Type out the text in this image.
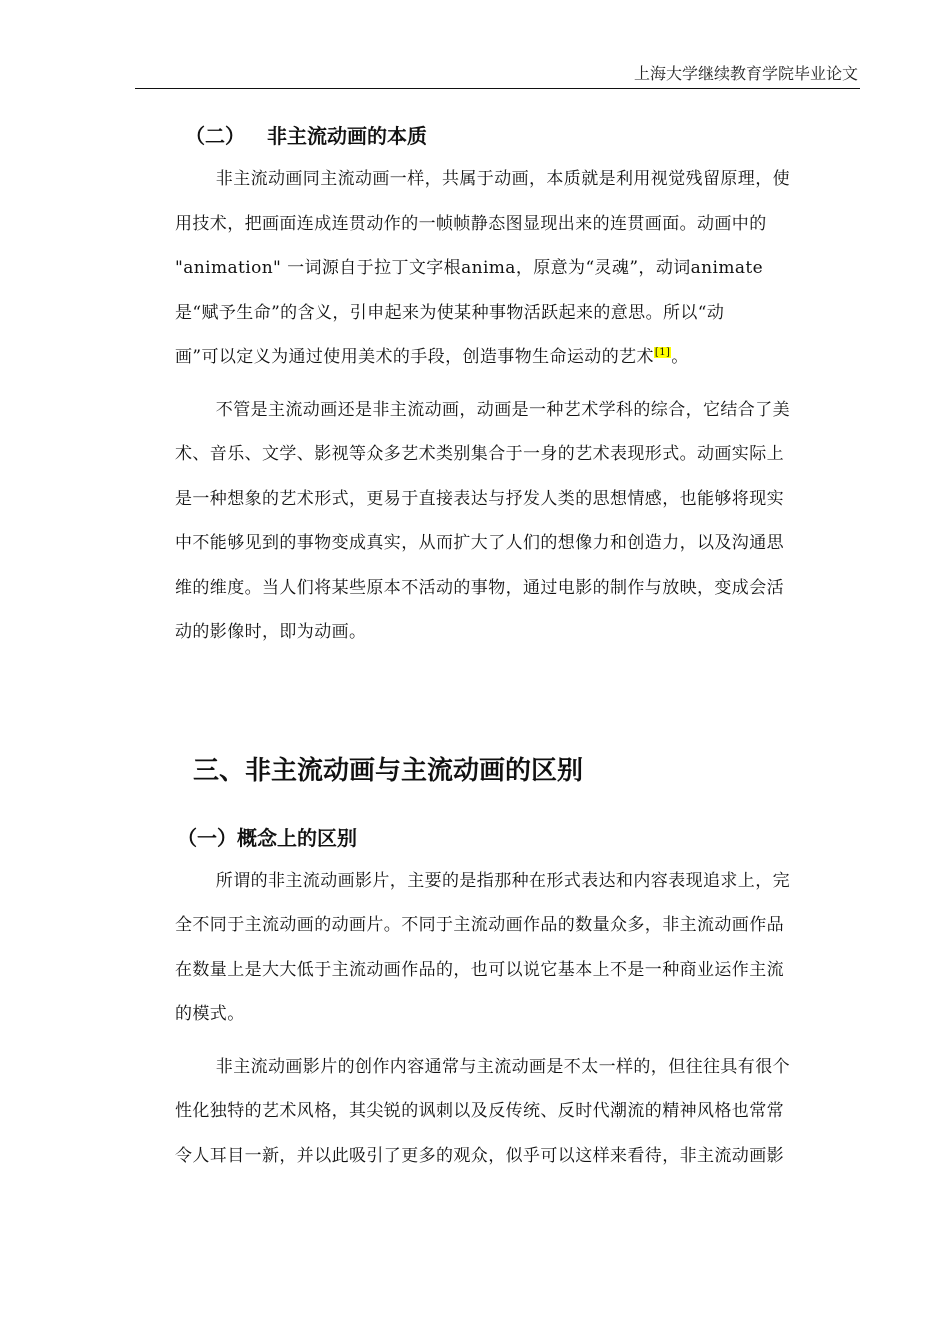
上海大学继续教育学院毕业论文
（二） 非主流动画的本质
非主流动画同主流动画一样，共属于动画，本质就是利用视觉残留原理，使
用技术，把画面连成连贯动作的一帧帧静态图显现出来的连贯画面。动画中的
"animation" 一词源自于拉丁文字根anima，原意为“灵魂”，动词animate
是“赋予生命”的含义，引申起来为使某种事物活跃起来的意思。所以“动
画”可以定义为通过使用美术的手段，创造事物生命运动的艺术[1]。
不管是主流动画还是非主流动画，动画是一种艺术学科的综合，它结合了美
术、音乐、文学、影视等众多艺术类别集合于一身的艺术表现形式。动画实际上
是一种想象的艺术形式，更易于直接表达与抒发人类的思想情感，也能够将现实
中不能够见到的事物变成真实，从而扩大了人们的想像力和创造力，以及沟通思
维的维度。当人们将某些原本不活动的事物，通过电影的制作与放映，变成会活
动的影像时，即为动画。
三、非主流动画与主流动画的区别
（一）概念上的区别
所谓的非主流动画影片，主要的是指那种在形式表达和内容表现追求上，完
全不同于主流动画的动画片。不同于主流动画作品的数量众多，非主流动画作品
在数量上是大大低于主流动画作品的，也可以说它基本上不是一种商业运作主流
的模式。
非主流动画影片的创作内容通常与主流动画是不太一样的，但往往具有很个
性化独特的艺术风格，其尖锐的讽刺以及反传统、反时代潮流的精神风格也常常
令人耳目一新，并以此吸引了更多的观众，似乎可以这样来看待，非主流动画影
